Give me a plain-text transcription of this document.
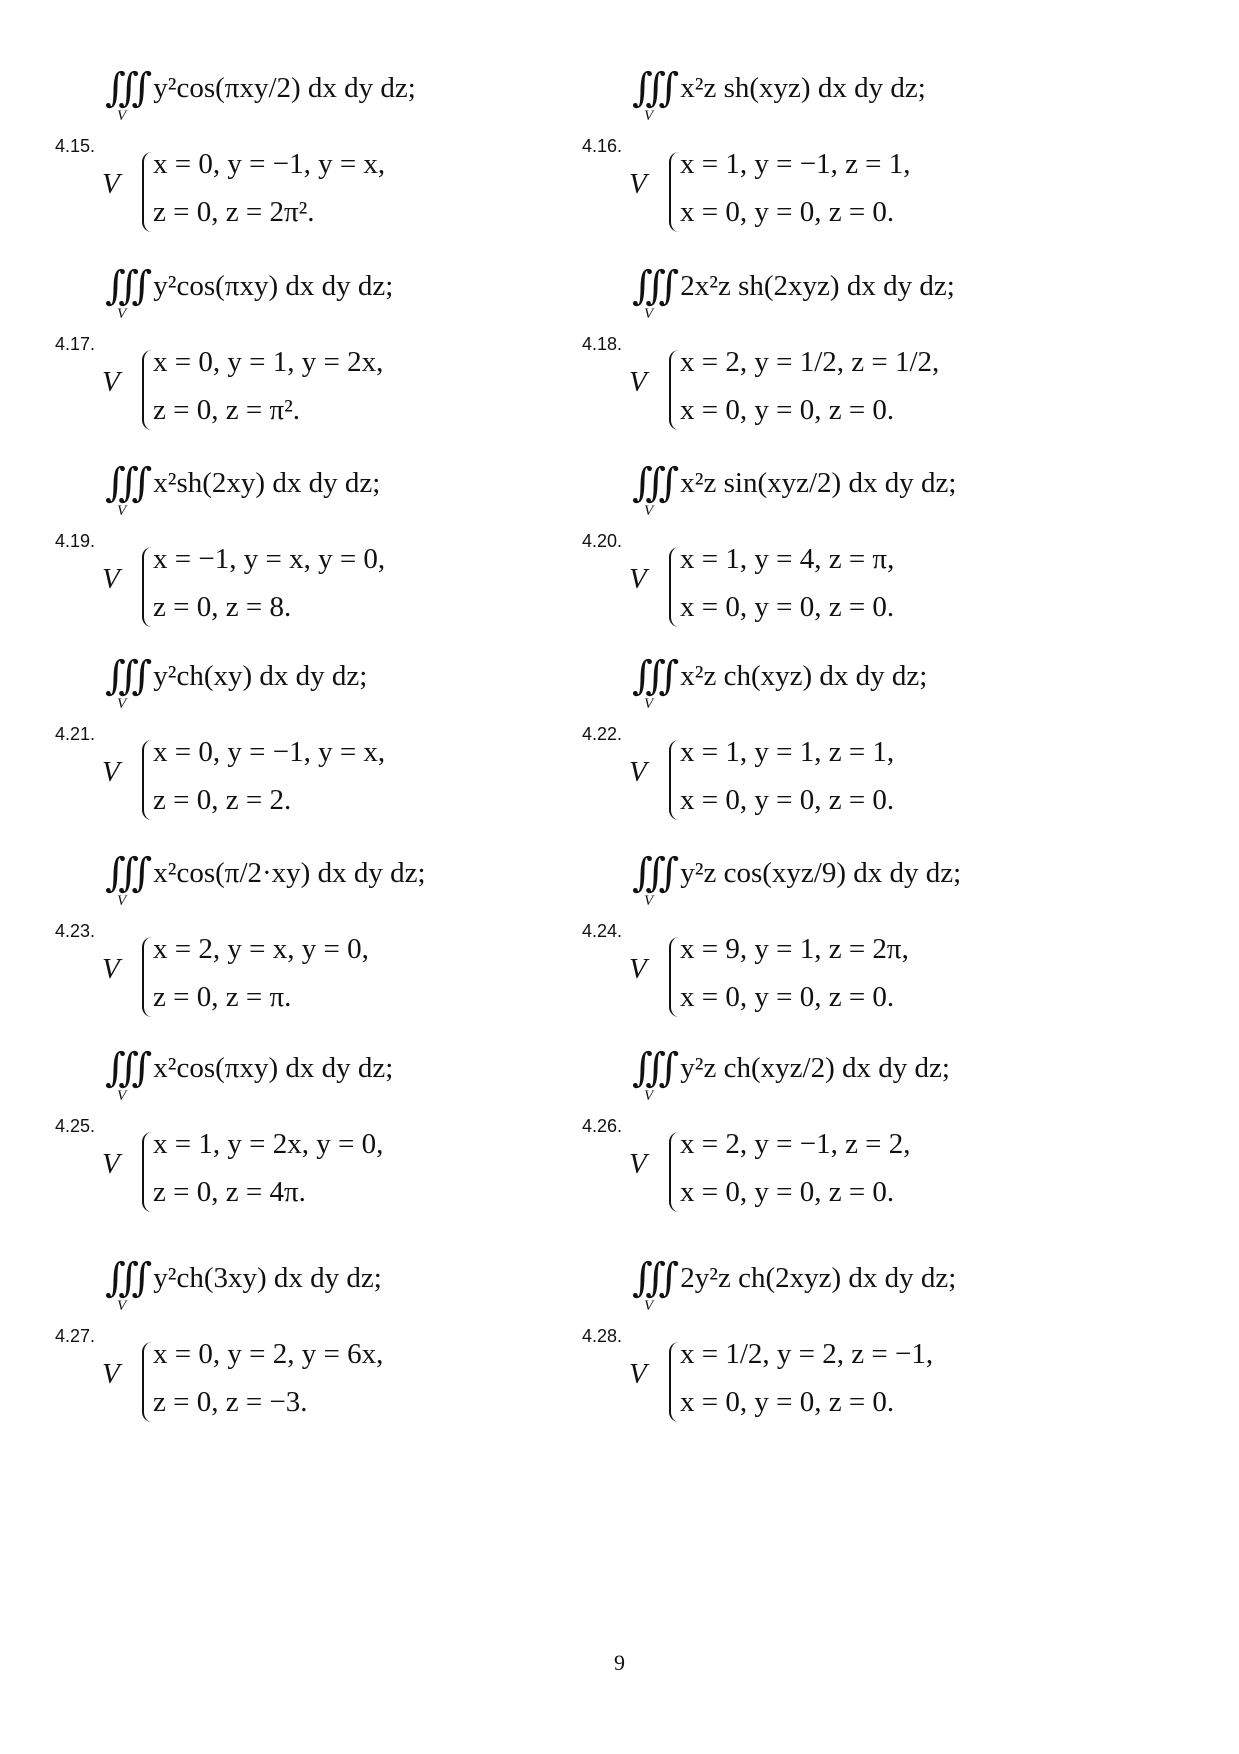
∭
V
y²cos(πxy/2) dx dy dz;
4.15.
V
x = 0, y = −1, y = x,
z = 0, z = 2π².
∭
V
x²z sh(xyz) dx dy dz;
4.16.
V
x = 1, y = −1, z = 1,
x = 0, y = 0, z = 0.
∭
V
y²cos(πxy) dx dy dz;
4.17.
V
x = 0, y = 1, y = 2x,
z = 0, z = π².
∭
V
2x²z sh(2xyz) dx dy dz;
4.18.
V
x = 2, y = 1/2, z = 1/2,
x = 0, y = 0, z = 0.
∭
V
x²sh(2xy) dx dy dz;
4.19.
V
x = −1, y = x, y = 0,
z = 0, z = 8.
∭
V
x²z sin(xyz/2) dx dy dz;
4.20.
V
x = 1, y = 4, z = π,
x = 0, y = 0, z = 0.
∭
V
y²ch(xy) dx dy dz;
4.21.
V
x = 0, y = −1, y = x,
z = 0, z = 2.
∭
V
x²z ch(xyz) dx dy dz;
4.22.
V
x = 1, y = 1, z = 1,
x = 0, y = 0, z = 0.
∭
V
x²cos(π/2·xy) dx dy dz;
4.23.
V
x = 2, y = x, y = 0,
z = 0, z = π.
∭
V
y²z cos(xyz/9) dx dy dz;
4.24.
V
x = 9, y = 1, z = 2π,
x = 0, y = 0, z = 0.
∭
V
x²cos(πxy) dx dy dz;
4.25.
V
x = 1, y = 2x, y = 0,
z = 0, z = 4π.
∭
V
y²z ch(xyz/2) dx dy dz;
4.26.
V
x = 2, y = −1, z = 2,
x = 0, y = 0, z = 0.
∭
V
y²ch(3xy) dx dy dz;
4.27.
V
x = 0, y = 2, y = 6x,
z = 0, z = −3.
∭
V
2y²z ch(2xyz) dx dy dz;
4.28.
V
x = 1/2, y = 2, z = −1,
x = 0, y = 0, z = 0.
9
